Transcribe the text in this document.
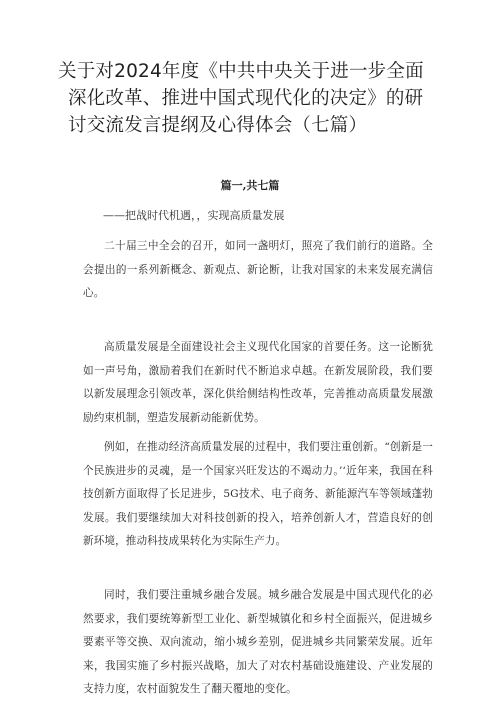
关于对2024年度《中共中央关于进一步全面
深化改革、推进中国式现代化的决定》的研
讨交流发言提纲及心得体会（七篇）

篇一,共七篇

——把战时代机遇，，实现高质量发展

二十届三中全会的召开，如同一盏明灯，照亮了我们前行的道路。全会提出的一系列新概念、新观点、新论断，让我对国家的未来发展充满信心。

高质量发展是全面建设社会主义现代化国家的首要任务。这一论断犹如一声号角，激励着我们在新时代不断追求卓越。在新发展阶段，我们要以新发展理念引领改革，深化供给侧结构性改革，完善推动高质量发展激励约束机制，塑造发展新动能新优势。

例如，在推动经济高质量发展的过程中，我们要注重创新。“创新是一个民族进步的灵魂，是一个国家兴旺发达的不竭动力。’‘近年来，我国在科技创新方面取得了长足进步，5G技术、电子商务、新能源汽车等领域蓬勃发展。我们要继续加大对科技创新的投入，培养创新人才，营造良好的创新环境，推动科技成果转化为实际生产力。

同时，我们要注重城乡融合发展。城乡融合发展是中国式现代化的必然要求，我们要统筹新型工业化、新型城镇化和乡村全面振兴，促进城乡要素平等交换、双向流动，缩小城乡差别，促进城乡共同繁荣发展。近年来，我国实施了乡村振兴战略，加大了对农村基础设施建设、产业发展的支持力度，农村面貌发生了翻天覆地的变化。
